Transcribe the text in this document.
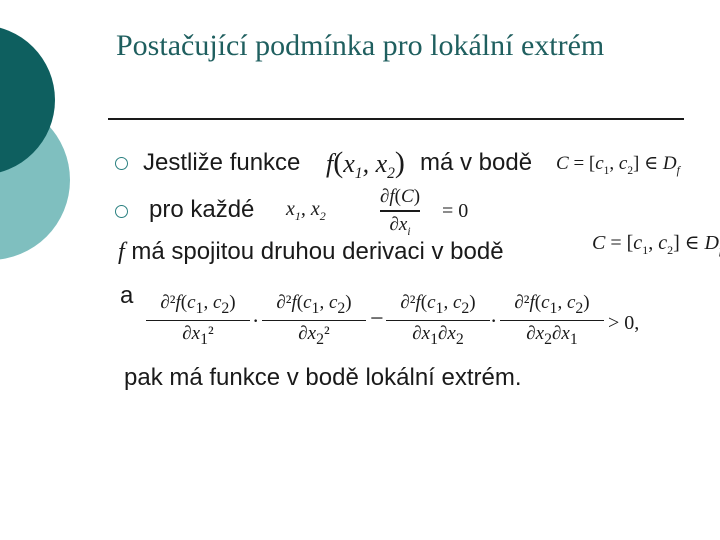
Postačující podmínka pro lokální extrém
Jestliže funkce $f(x_1$, $x_2$) má v bodě $C = [c_1$, $c_2$] ∈ $D_f$
pro každé $x_1$, $x_2$
∂f(C)
$\partial x_i$
= 0
f má spojitou druhou derivaci v bodě	$C = [c_1$, $c_2$] ∈ D
a	$\partial^2f(c_1$, $c_2$)
$\partial x_1^2$
·
$\partial^2f(c_1$, $c_2$)
$\partial x_2^2$
−
$\partial^2f(c_1$, $c_2$)
$\partial x_1\partial x_2$
·
$\partial^2f(c_1$, $c_2$)
$\partial x_2\partial x_1$
> 0,
pak má funkce v bodě lokální extrém.
